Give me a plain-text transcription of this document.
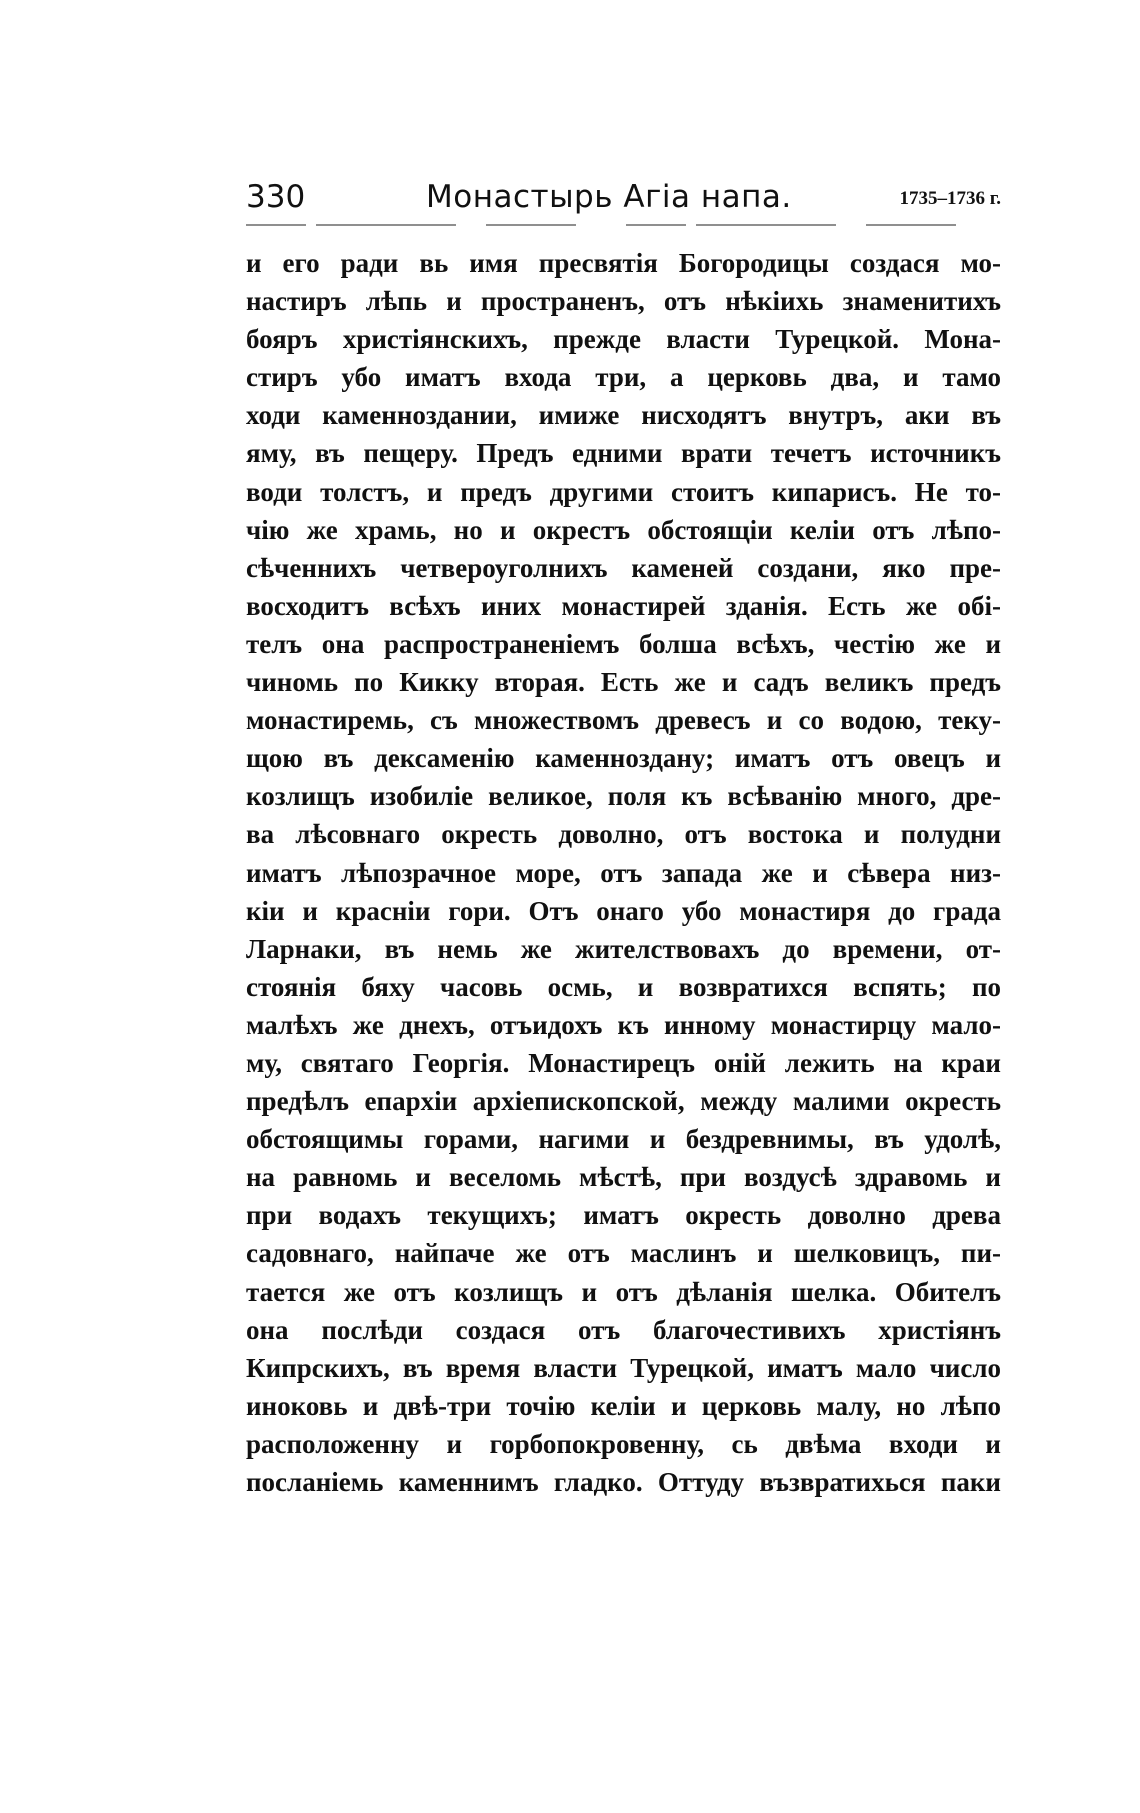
330	Монастырь Агіа напа.	1735–1736 г.
и его ради вь имя пресвятія Богородицы создася мо-
настиръ лѣпь и пространенъ, отъ нѣкіихь знаменитихъ
бояръ христіянскихъ, прежде власти Турецкой. Мона-
стиръ убо иматъ входа три, а церковь два, и тамо
ходи каменноздании, имиже нисходятъ внутръ, аки въ
яму, въ пещеру. Предъ едними врати течетъ источникъ
води толстъ, и предъ другими стоитъ кипарисъ. Не то-
чію же храмь, но и окрестъ обстоящіи келіи отъ лѣпо-
сѣченнихъ четвероуголнихъ каменей создани, яко пре-
восходитъ всѣхъ иних монастирей зданія. Есть же обі-
телъ она распространеніемъ болша всѣхъ, честію же и
чиномь по Кикку вторая. Есть же и садъ великъ предъ
монастиремь, съ множествомъ древесъ и со водою, теку-
щою въ дексаменію каменноздану; иматъ отъ овецъ и
козлищъ изобиліе великое, поля къ всѣванію много, дре-
ва лѣсовнаго окресть доволно, отъ востока и полудни
иматъ лѣпозрачное море, отъ запада же и сѣвера низ-
кіи и красніи гори. Отъ онаго убо монастиря до града
Ларнаки, въ немь же жителствовахъ до времени, от-
стоянія бяху часовь осмь, и возвратихся вспять; по
малѣхъ же днехъ, отъидохъ къ инному монастирцу мало-
му, святаго Георгія. Монастирецъ оній лежить на краи
предѣлъ епархіи архіепископской, между малими окресть
обстоящимы горами, нагими и бездревнимы, въ удолѣ,
на равномь и веселомь мѣстѣ, при воздусѣ здравомь и
при водахъ текущихъ; иматъ окресть доволно древа
садовнаго, найпаче же отъ маслинъ и шелковицъ, пи-
тается же отъ козлищъ и отъ дѣланія шелка. Обителъ
она послѣди создася отъ благочестивихъ христіянъ
Кипрскихъ, въ время власти Турецкой, иматъ мало число
иноковь и двѣ-три точію келіи и церковь малу, но лѣпо
расположенну и горбопокровенну, сь двѣма входи и
посланіемь каменнимъ гладко. Оттуду възвратихься паки
